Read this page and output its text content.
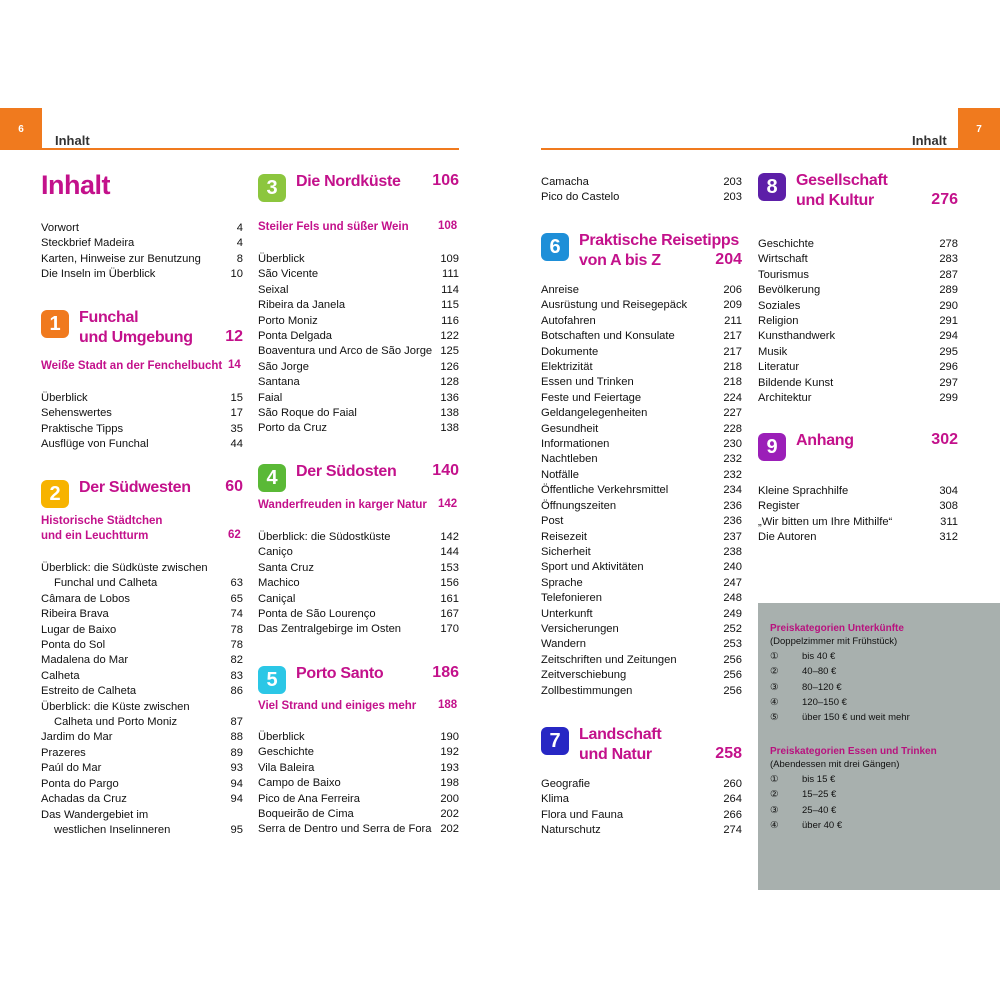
6
Inhalt	Inhalt
7
Inhalt
Vorwort	4
Steckbrief Madeira	4
Karten, Hinweise zur Benutzung	8
Die Inseln im Überblick	10
1	Funchal
und Umgebung 12
Weiße Stadt an der Fenchelbucht 14
Überblick	15
Sehenswertes	17
Praktische Tipps	35
Ausflüge von Funchal	44
2	Der Südwesten 60
Historische Städtchen
und ein Leuchtturm	62
Überblick: die Südküste zwischen
Funchal und Calheta	63
Câmara de Lobos	65
Ribeira Brava	74
Lugar de Baixo	78
Ponta do Sol	78
Madalena do Mar	82
Calheta	83
Estreito de Calheta	86
Überblick: die Küste zwischen
Calheta und Porto Moniz	87
Jardim do Mar	88
Prazeres	89
Paúl do Mar	93
Ponta do Pargo	94
Achadas da Cruz	94
Das Wandergebiet im
westlichen Inselinneren	95
3	Die Nordküste 106
Steiler Fels und süßer Wein	108
Überblick	109
São Vicente	111
Seixal	114
Ribeira da Janela	115
Porto Moniz	116
Ponta Delgada	122
Boaventura und Arco de São Jorge 125
São Jorge	126
Santana	128
Faial	136
São Roque do Faial	138
Porto da Cruz	138
4	Der Südosten 140
Wanderfreuden in karger Natur 142
Überblick: die Südostküste	142
Caniço	144
Santa Cruz	153
Machico	156
Caniçal	161
Ponta de São Lourenço	167
Das Zentralgebirge im Osten	170
5	Porto Santo	186
Viel Strand und einiges mehr 188
Überblick	190
Geschichte	192
Vila Baleira	193
Campo de Baixo	198
Pico de Ana Ferreira	200
Boqueirão de Cima	202
Serra de Dentro und Serra de Fora 202
Camacha	203
Pico do Castelo	203
6	Praktische Reisetipps
von A bis Z	204
Anreise	206
Ausrüstung und Reisegepäck	209
Autofahren	211
Botschaften und Konsulate	217
Dokumente	217
Elektrizität	218
Essen und Trinken	218
Feste und Feiertage	224
Geldangelegenheiten	227
Gesundheit	228
Informationen	230
Nachtleben	232
Notfälle	232
Öffentliche Verkehrsmittel	234
Öffnungszeiten	236
Post	236
Reisezeit	237
Sicherheit	238
Sport und Aktivitäten	240
Sprache	247
Telefonieren	248
Unterkunft	249
Versicherungen	252
Wandern	253
Zeitschriften und Zeitungen	256
Zeitverschiebung	256
Zollbestimmungen	256
7	Landschaft
und Natur	258
Geografie	260
Klima	264
Flora und Fauna	266
Naturschutz	274
8	Gesellschaft
und Kultur	276
Geschichte	278
Wirtschaft	283
Tourismus	287
Bevölkerung	289
Soziales	290
Religion	291
Kunsthandwerk	294
Musik	295
Literatur	296
Bildende Kunst	297
Architektur	299
9	Anhang	302
Kleine Sprachhilfe	304
Register	308
„Wir bitten um Ihre Mithilfe“	311
Die Autoren	312
Preiskategorien Unterkünfte
(Doppelzimmer mit Frühstück)
①	bis 40 €
②	40–80 €
③	80–120 €
④	120–150 €
⑤	über 150 € und weit mehr
Preiskategorien Essen und Trinken
(Abendessen mit drei Gängen)
①	bis 15 €
②	15–25 €
③	25–40 €
④	über 40 €
